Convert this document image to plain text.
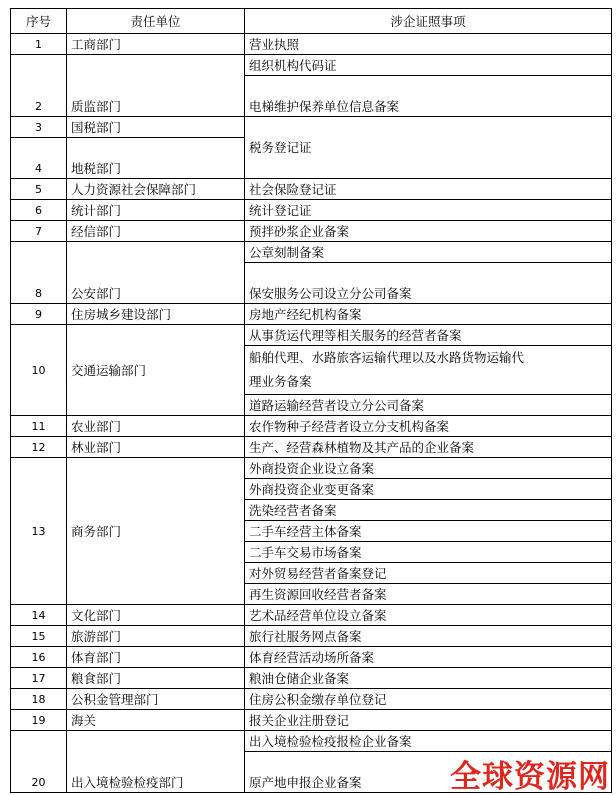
序号	责任单位	涉企证照事项
1	工商部门	营业执照
2	质监部门	组织机构代码证
		电梯维护保养单位信息备案
3	国税部门	税务登记证
4	地税部门	
5	人力资源社会保障部门	社会保险登记证
6	统计部门	统计登记证
7	经信部门	预拌砂浆企业备案
8	公安部门	公章刻制备案
		保安服务公司设立分公司备案
9	住房城乡建设部门	房地产经纪机构备案
10	交通运输部门	从事货运代理等相关服务的经营者备案
		船舶代理、水路旅客运输代理以及水路货物运输代
理业务备案
		道路运输经营者设立分公司备案
11	农业部门	农作物种子经营者设立分支机构备案
12	林业部门	生产、经营森林植物及其产品的企业备案
13	商务部门	外商投资企业设立备案
		外商投资企业变更备案
		洗染经营者备案
		二手车经营主体备案
		二手车交易市场备案
		对外贸易经营者备案登记
		再生资源回收经营者备案
14	文化部门	艺术品经营单位设立备案
15	旅游部门	旅行社服务网点备案
16	体育部门	体育经营活动场所备案
17	粮食部门	粮油仓储企业备案
18	公积金管理部门	住房公积金缴存单位登记
19	海关	报关企业注册登记
20	出入境检验检疫部门	出入境检验检疫报检企业备案
		原产地申报企业备案	全球资源网
